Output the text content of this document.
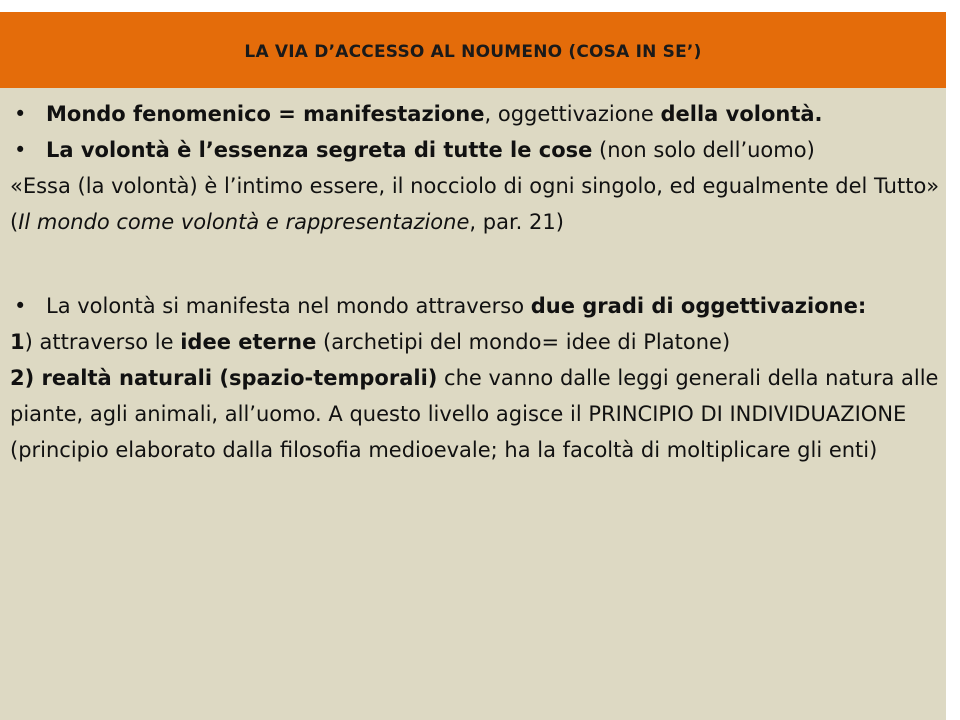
LA VIA D’ACCESSO AL NOUMENO (COSA IN SE’)

• Mondo fenomenico = manifestazione, oggettivazione della volontà.

• La volontà è l’essenza segreta di tutte le cose (non solo dell’uomo)

«Essa (la volontà) è l’intimo essere, il nocciolo di ogni singolo, ed egualmente del Tutto» (Il mondo come volontà e rappresentazione, par. 21)

• La volontà si manifesta nel mondo attraverso due gradi di oggettivazione:

1) attraverso le idee eterne (archetipi del mondo= idee di Platone)

2) realtà naturali (spazio-temporali) che vanno dalle leggi generali della natura alle piante, agli animali, all’uomo. A questo livello agisce il PRINCIPIO DI INDIVIDUAZIONE (principio elaborato dalla filosofia medioevale; ha la facoltà di moltiplicare gli enti)
